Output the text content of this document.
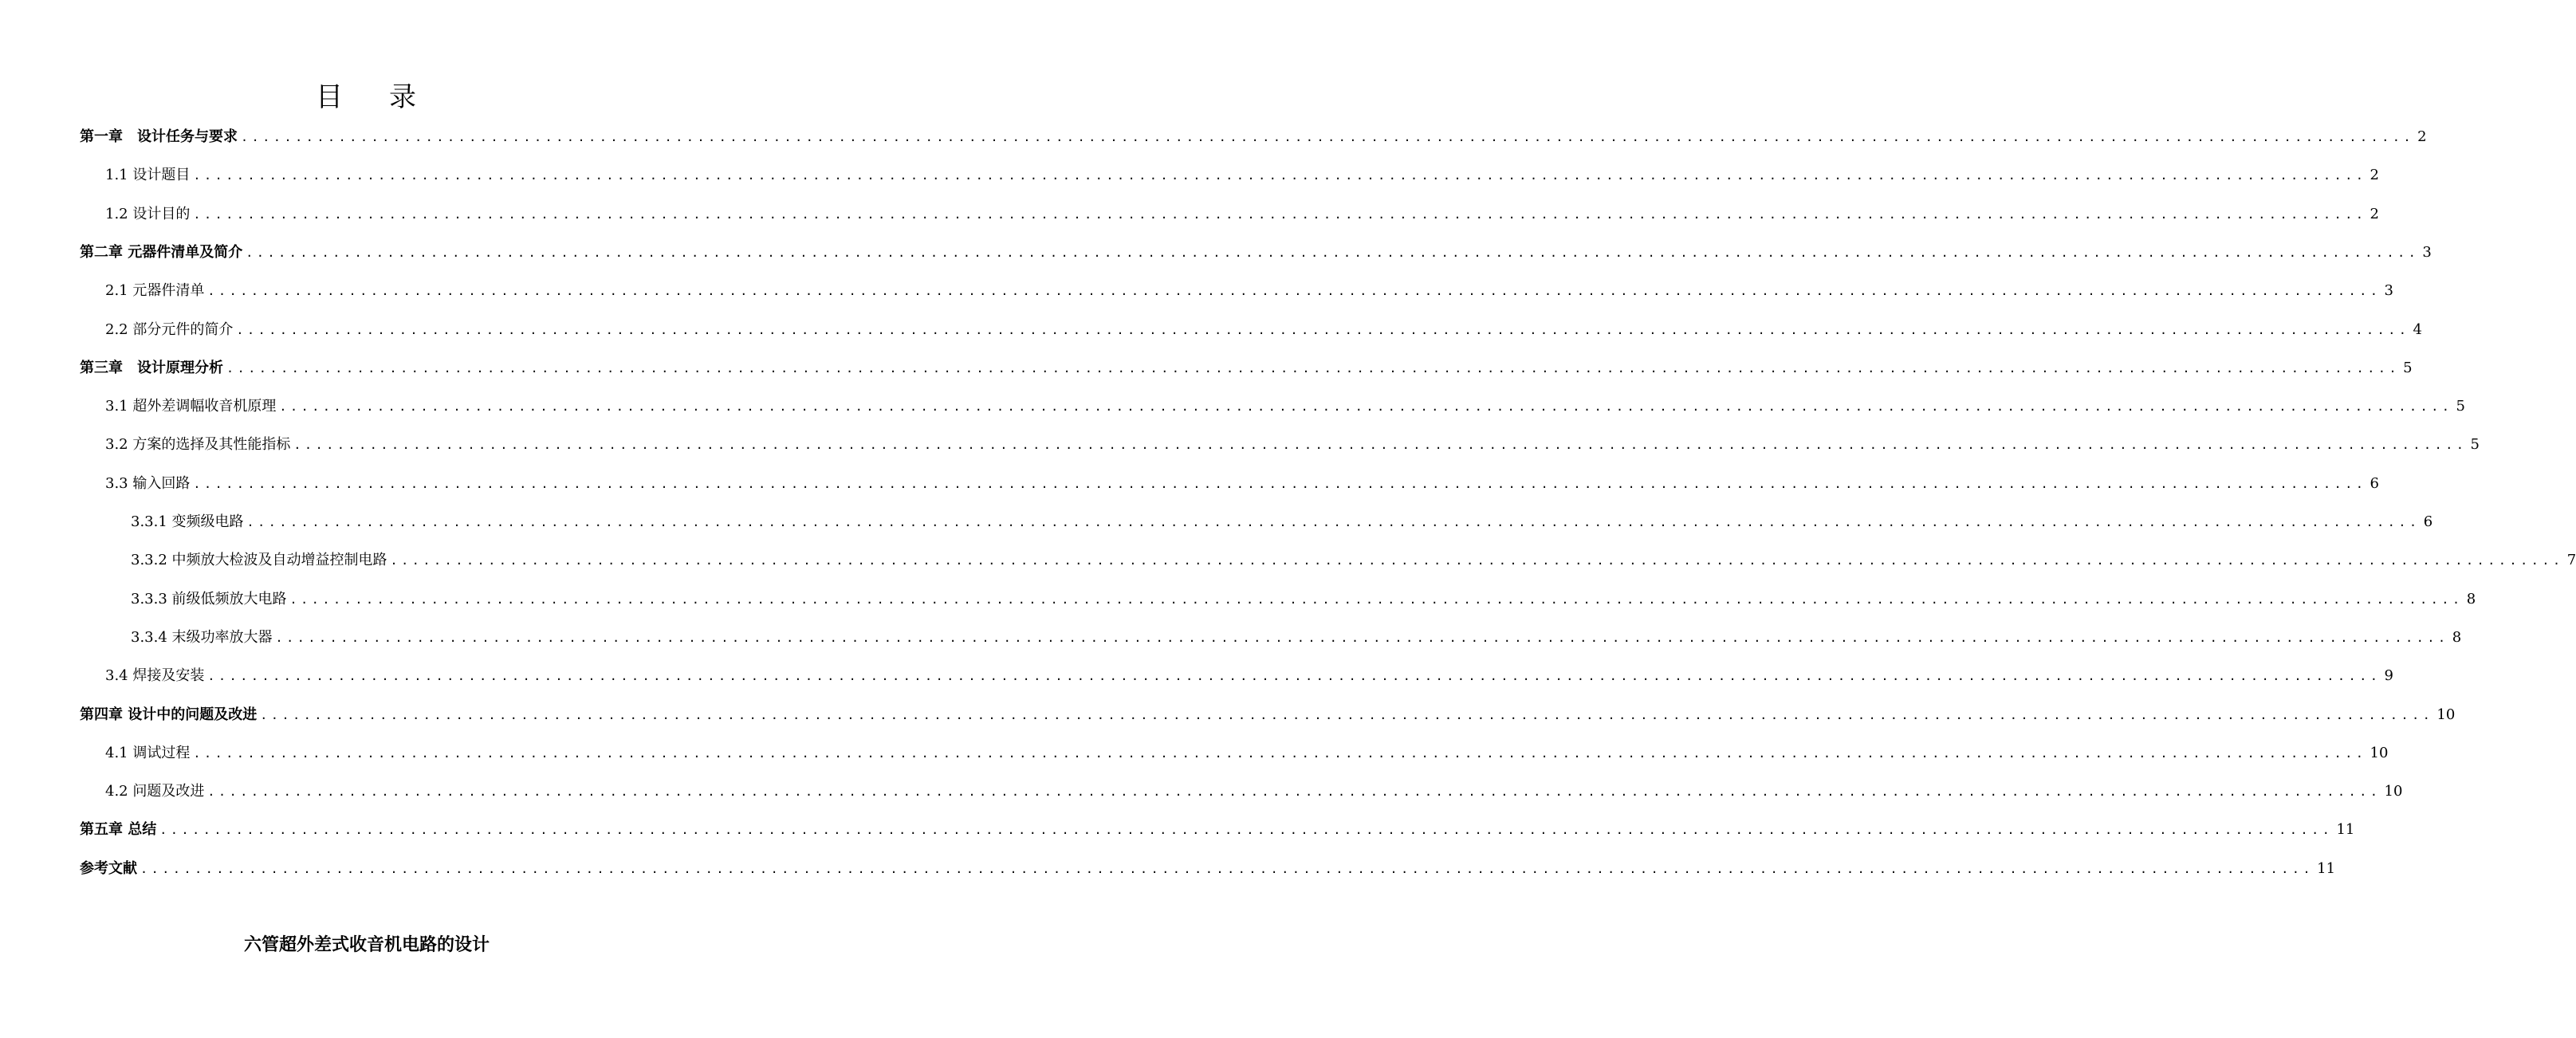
目 录
第一章　设计任务与要求 ........................................................................................................................................................................................................ 2
1.1 设计题目 ........................................................................................................................................................................................................ 2
1.2 设计目的 ........................................................................................................................................................................................................ 2
第二章 元器件清单及简介 ........................................................................................................................................................................................................ 3
2.1 元器件清单 ........................................................................................................................................................................................................ 3
2.2 部分元件的简介 ........................................................................................................................................................................................................ 4
第三章　设计原理分析 ........................................................................................................................................................................................................ 5
3.1 超外差调幅收音机原理 ........................................................................................................................................................................................................ 5
3.2 方案的选择及其性能指标 ........................................................................................................................................................................................................ 5
3.3 输入回路 ........................................................................................................................................................................................................ 6
3.3.1 变频级电路 ........................................................................................................................................................................................................ 6
3.3.2 中频放大检波及自动增益控制电路 ........................................................................................................................................................................................................ 7
3.3.3 前级低频放大电路 ........................................................................................................................................................................................................ 8
3.3.4 末级功率放大器 ........................................................................................................................................................................................................ 8
3.4 焊接及安装 ........................................................................................................................................................................................................ 9
第四章 设计中的问题及改进 ........................................................................................................................................................................................................ 10
4.1 调试过程 ........................................................................................................................................................................................................ 10
4.2 问题及改进 ........................................................................................................................................................................................................ 10
第五章 总结 ........................................................................................................................................................................................................ 11
参考文献 ........................................................................................................................................................................................................ 11
六管超外差式收音机电路的设计
